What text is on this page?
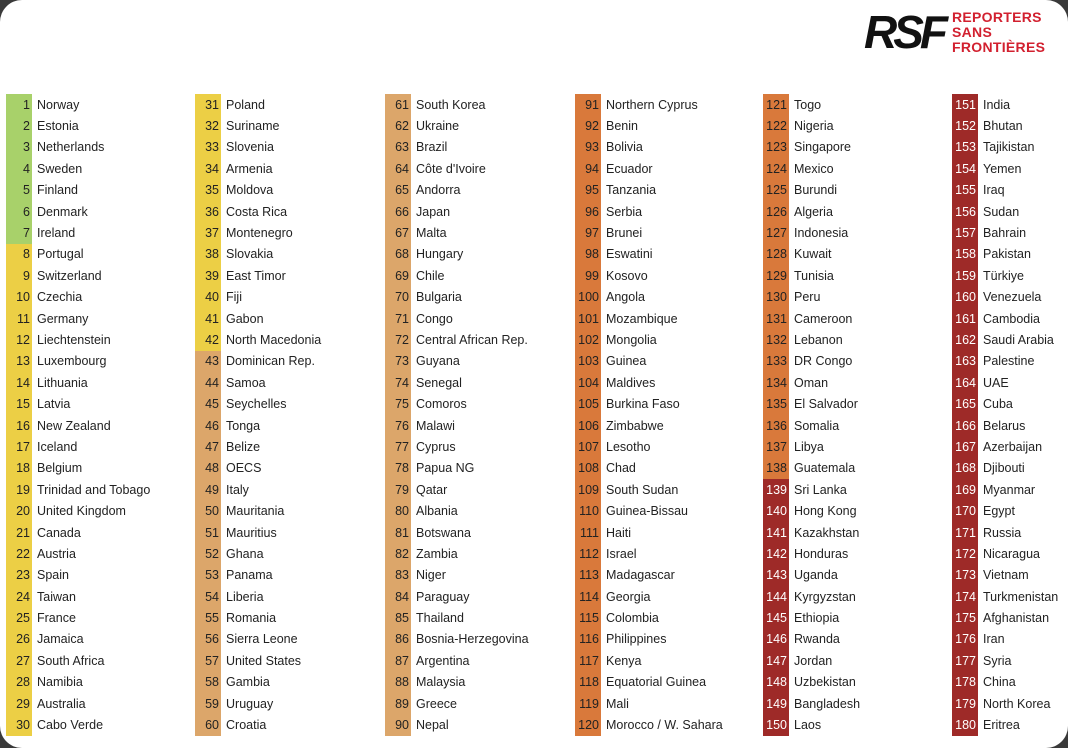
RSF REPORTERS
SANS FRONTIÈRES
1 Norway
2 Estonia
3 Netherlands
4 Sweden
5 Finland
6 Denmark
7 Ireland
8 Portugal
9 Switzerland
10 Czechia
11 Germany
12 Liechtenstein
13 Luxembourg
14 Lithuania
15 Latvia
16 New Zealand
17 Iceland
18 Belgium
19 Trinidad and Tobago
20 United Kingdom
21 Canada
22 Austria
23 Spain
24 Taiwan
25 France
26 Jamaica
27 South Africa
28 Namibia
29 Australia
30 Cabo Verde
31 Poland
32 Suriname
33 Slovenia
34 Armenia
35 Moldova
36 Costa Rica
37 Montenegro
38 Slovakia
39 East Timor
40 Fiji
41 Gabon
42 North Macedonia
43 Dominican Rep.
44 Samoa
45 Seychelles
46 Tonga
47 Belize
48 OECS
49 Italy
50 Mauritania
51 Mauritius
52 Ghana
53 Panama
54 Liberia
55 Romania
56 Sierra Leone
57 United States
58 Gambia
59 Uruguay
60 Croatia
61 South Korea
62 Ukraine
63 Brazil
64 Côte d'Ivoire
65 Andorra
66 Japan
67 Malta
68 Hungary
69 Chile
70 Bulgaria
71 Congo
72 Central African Rep.
73 Guyana
74 Senegal
75 Comoros
76 Malawi
77 Cyprus
78 Papua NG
79 Qatar
80 Albania
81 Botswana
82 Zambia
83 Niger
84 Paraguay
85 Thailand
86 Bosnia-Herzegovina
87 Argentina
88 Malaysia
89 Greece
90 Nepal
91 Northern Cyprus
92 Benin
93 Bolivia
94 Ecuador
95 Tanzania
96 Serbia
97 Brunei
98 Eswatini
99 Kosovo
100 Angola
101 Mozambique
102 Mongolia
103 Guinea
104 Maldives
105 Burkina Faso
106 Zimbabwe
107 Lesotho
108 Chad
109 South Sudan
110 Guinea-Bissau
111 Haiti
112 Israel
113 Madagascar
114 Georgia
115 Colombia
116 Philippines
117 Kenya
118 Equatorial Guinea
119 Mali
120 Morocco / W. Sahara
121 Togo
122 Nigeria
123 Singapore
124 Mexico
125 Burundi
126 Algeria
127 Indonesia
128 Kuwait
129 Tunisia
130 Peru
131 Cameroon
132 Lebanon
133 DR Congo
134 Oman
135 El Salvador
136 Somalia
137 Libya
138 Guatemala
139 Sri Lanka
140 Hong Kong
141 Kazakhstan
142 Honduras
143 Uganda
144 Kyrgyzstan
145 Ethiopia
146 Rwanda
147 Jordan
148 Uzbekistan
149 Bangladesh
150 Laos
151 India
152 Bhutan
153 Tajikistan
154 Yemen
155 Iraq
156 Sudan
157 Bahrain
158 Pakistan
159 Türkiye
160 Venezuela
161 Cambodia
162 Saudi Arabia
163 Palestine
164 UAE
165 Cuba
166 Belarus
167 Azerbaijan
168 Djibouti
169 Myanmar
170 Egypt
171 Russia
172 Nicaragua
173 Vietnam
174 Turkmenistan
175 Afghanistan
176 Iran
177 Syria
178 China
179 North Korea
180 Eritrea
